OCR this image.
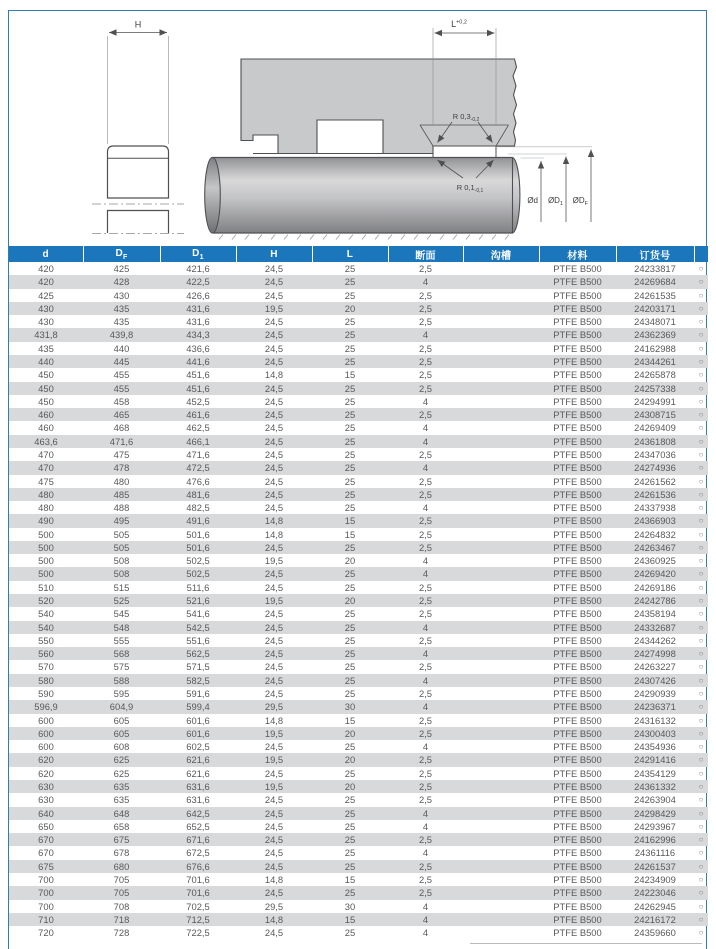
$L^{+0,2}$
R $0,3_{-0,2}$
R $0,1_{-0,1}$
Ød $ØD_1$ $ØD_F$
H
d	$D_F$	$D_1$	H	L	断面	沟槽	材料	订货号	
420	425	421,6	24,5	25	2,5		PTFE B500	24233817	○
420	428	422,5	24,5	25	4		PTFE B500	24269684	○
425	430	426,6	24,5	25	2,5		PTFE B500	24261535	○
430	435	431,6	19,5	20	2,5		PTFE B500	24203171	○
430	435	431,6	24,5	25	2,5		PTFE B500	24348071	○
431,8	439,8	434,3	24,5	25	4		PTFE B500	24362369	○
435	440	436,6	24,5	25	2,5		PTFE B500	24162988	○
440	445	441,6	24,5	25	2,5		PTFE B500	24344261	○
450	455	451,6	14,8	15	2,5		PTFE B500	24265878	○
450	455	451,6	24,5	25	2,5		PTFE B500	24257338	○
450	458	452,5	24,5	25	4		PTFE B500	24294991	○
460	465	461,6	24,5	25	2,5		PTFE B500	24308715	○
460	468	462,5	24,5	25	4		PTFE B500	24269409	○
463,6	471,6	466,1	24,5	25	4		PTFE B500	24361808	○
470	475	471,6	24,5	25	2,5		PTFE B500	24347036	○
470	478	472,5	24,5	25	4		PTFE B500	24274936	○
475	480	476,6	24,5	25	2,5		PTFE B500	24261562	○
480	485	481,6	24,5	25	2,5		PTFE B500	24261536	○
480	488	482,5	24,5	25	4		PTFE B500	24337938	○
490	495	491,6	14,8	15	2,5		PTFE B500	24366903	○
500	505	501,6	14,8	15	2,5		PTFE B500	24264832	○
500	505	501,6	24,5	25	2,5		PTFE B500	24263467	○
500	508	502,5	19,5	20	4		PTFE B500	24360925	○
500	508	502,5	24,5	25	4		PTFE B500	24269420	○
510	515	511,6	24,5	25	2,5		PTFE B500	24269186	○
520	525	521,6	19,5	20	2,5		PTFE B500	24242786	○
540	545	541,6	24,5	25	2,5		PTFE B500	24358194	○
540	548	542,5	24,5	25	4		PTFE B500	24332687	○
550	555	551,6	24,5	25	2,5		PTFE B500	24344262	○
560	568	562,5	24,5	25	4		PTFE B500	24274998	○
570	575	571,5	24,5	25	2,5		PTFE B500	24263227	○
580	588	582,5	24,5	25	4		PTFE B500	24307426	○
590	595	591,6	24,5	25	2,5		PTFE B500	24290939	○
596,9	604,9	599,4	29,5	30	4		PTFE B500	24236371	○
600	605	601,6	14,8	15	2,5		PTFE B500	24316132	○
600	605	601,6	19,5	20	2,5		PTFE B500	24300403	○
600	608	602,5	24,5	25	4		PTFE B500	24354936	○
620	625	621,6	19,5	20	2,5		PTFE B500	24291416	○
620	625	621,6	24,5	25	2,5		PTFE B500	24354129	○
630	635	631,6	19,5	20	2,5		PTFE B500	24361332	○
630	635	631,6	24,5	25	2,5		PTFE B500	24263904	○
640	648	642,5	24,5	25	4		PTFE B500	24298429	○
650	658	652,5	24,5	25	4		PTFE B500	24293967	○
670	675	671,6	24,5	25	2,5		PTFE B500	24162996	○
670	678	672,5	24,5	25	4		PTFE B500	24361116	○
675	680	676,6	24,5	25	2,5		PTFE B500	24261537	○
700	705	701,6	14,8	15	2,5		PTFE B500	24234909	○
700	705	701,6	24,5	25	2,5		PTFE B500	24223046	○
700	708	702,5	29,5	30	4		PTFE B500	24262945	○
710	718	712,5	14,8	15	4		PTFE B500	24216172	○
720	728	722,5	24,5	25	4		PTFE B500	24359660	○
